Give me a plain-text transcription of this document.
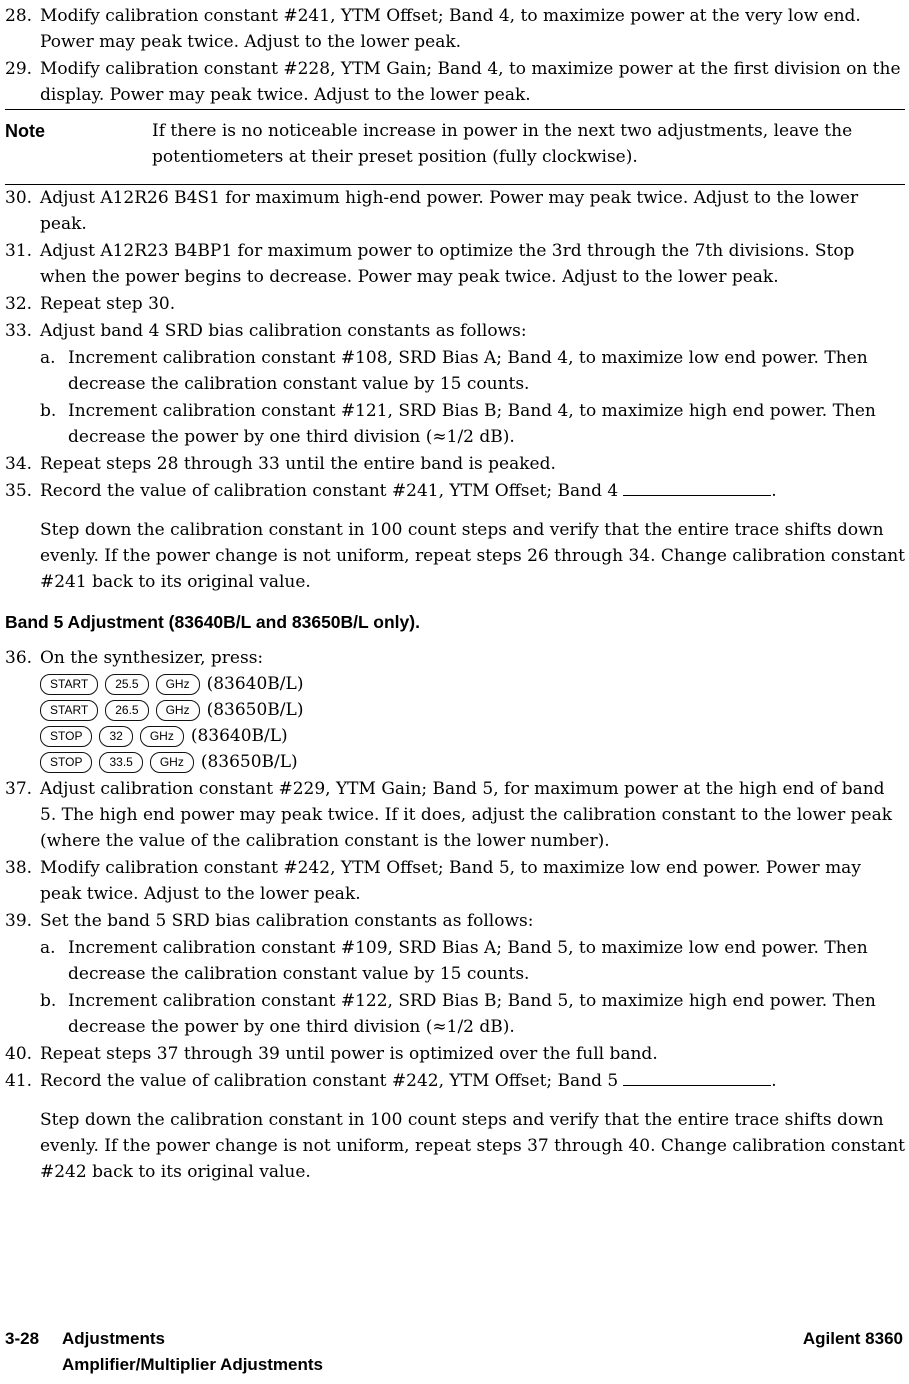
28. Modify calibration constant #241, YTM Offset; Band 4, to maximize power at the very low end. Power may peak twice. Adjust to the lower peak.
29. Modify calibration constant #228, YTM Gain; Band 4, to maximize power at the first division on the display. Power may peak twice. Adjust to the lower peak.
Note	If there is no noticeable increase in power in the next two adjustments, leave the potentiometers at their preset position (fully clockwise).
30. Adjust A12R26 B4S1 for maximum high-end power. Power may peak twice. Adjust to the lower peak.
31. Adjust A12R23 B4BP1 for maximum power to optimize the 3rd through the 7th divisions. Stop when the power begins to decrease. Power may peak twice. Adjust to the lower peak.
32. Repeat step 30.
33. Adjust band 4 SRD bias calibration constants as follows:
a. Increment calibration constant #108, SRD Bias A; Band 4, to maximize low end power. Then decrease the calibration constant value by 15 counts.
b. Increment calibration constant #121, SRD Bias B; Band 4, to maximize high end power. Then decrease the power by one third division (≈1/2 dB).
34. Repeat steps 28 through 33 until the entire band is peaked.
35. Record the value of calibration constant #241, YTM Offset; Band 4	.
Step down the calibration constant in 100 count steps and verify that the entire trace shifts down evenly. If the power change is not uniform, repeat steps 26 through 34. Change calibration constant #241 back to its original value.
Band 5 Adjustment (83640B/L and 83650B/L only).
36. On the synthesizer, press:
START	25.5	GHz	(83640B/L)
START	26.5	GHz	(83650B/L)
STOP	32	GHz	(83640B/L)
STOP	33.5	GHz	(83650B/L)
37. Adjust calibration constant #229, YTM Gain; Band 5, for maximum power at the high end of band 5. The high end power may peak twice. If it does, adjust the calibration constant to the lower peak (where the value of the calibration constant is the lower number).
38. Modify calibration constant #242, YTM Offset; Band 5, to maximize low end power. Power may peak twice. Adjust to the lower peak.
39. Set the band 5 SRD bias calibration constants as follows:
a. Increment calibration constant #109, SRD Bias A; Band 5, to maximize low end power. Then decrease the calibration constant value by 15 counts.
b. Increment calibration constant #122, SRD Bias B; Band 5, to maximize high end power. Then decrease the power by one third division (≈1/2 dB).
40. Repeat steps 37 through 39 until power is optimized over the full band.
41. Record the value of calibration constant #242, YTM Offset; Band 5	.
Step down the calibration constant in 100 count steps and verify that the entire trace shifts down evenly. If the power change is not uniform, repeat steps 37 through 40. Change calibration constant #242 back to its original value.
3-28	Adjustments	Agilent 8360
Amplifier/Multiplier Adjustments
